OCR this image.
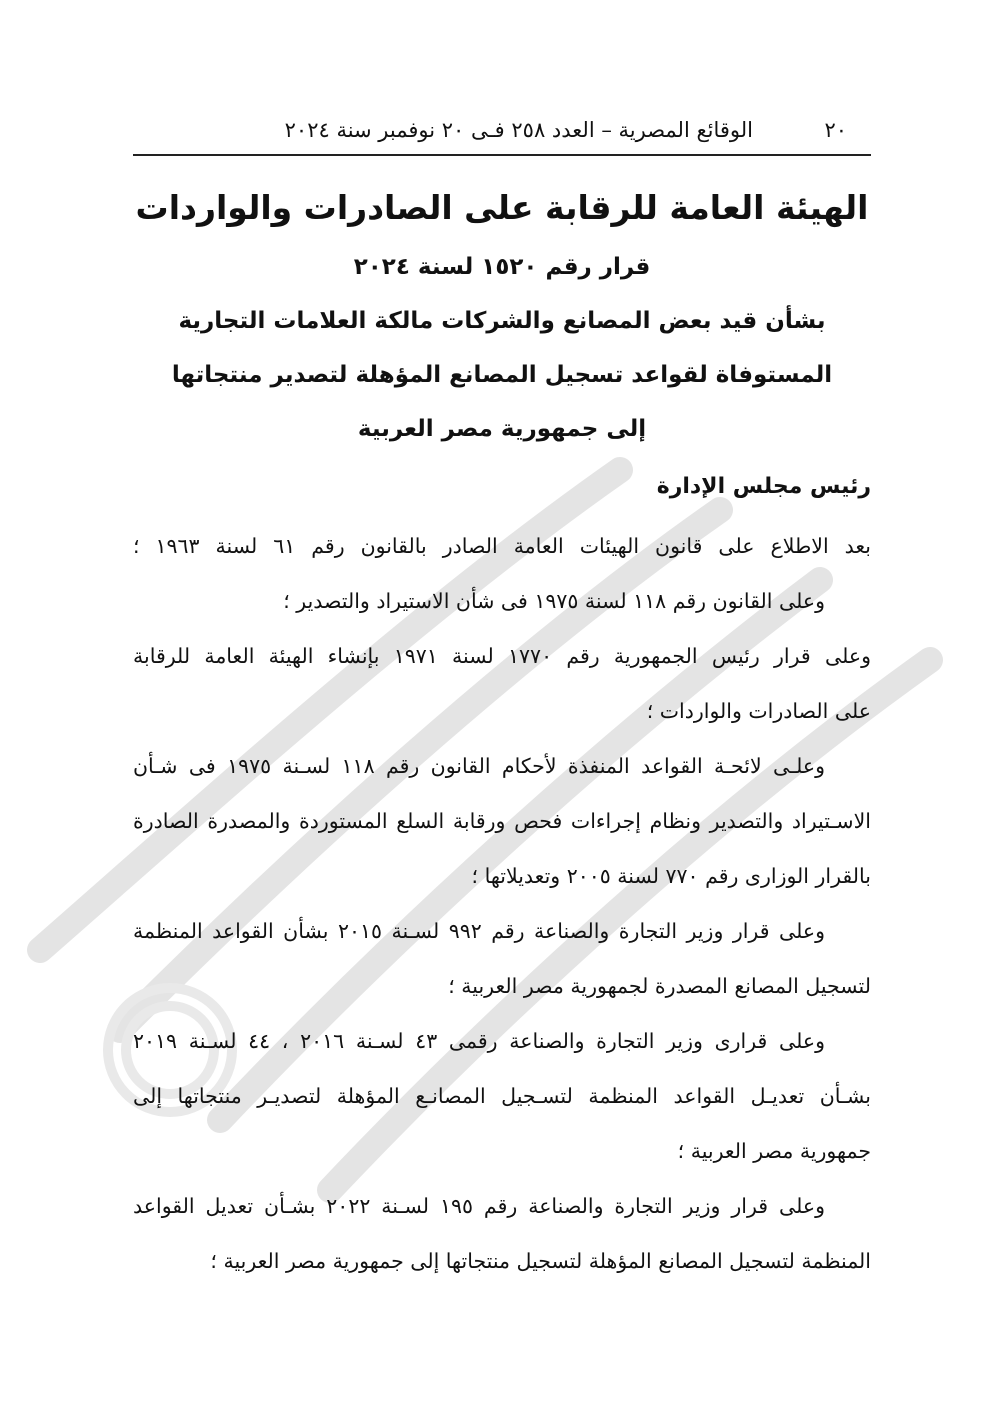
٢٠
الوقائع المصرية – العدد ٢٥٨ فـى ٢٠ نوفمبر سنة ٢٠٢٤
الهيئة العامة للرقابة على الصادرات والواردات
قرار رقم ١٥٢٠ لسنة ٢٠٢٤
بشأن قيد بعض المصانع والشركات مالكة العلامات التجارية
المستوفاة لقواعد تسجيل المصانع المؤهلة لتصدير منتجاتها
إلى جمهورية مصر العربية
رئيس مجلس الإدارة
بعد الاطلاع على قانون الهيئات العامة الصادر بالقانون رقم ٦١ لسنة ١٩٦٣ ؛
وعلى القانون رقم ١١٨ لسنة ١٩٧٥ فى شأن الاستيراد والتصدير ؛
وعلى قرار رئيس الجمهورية رقم ١٧٧٠ لسنة ١٩٧١ بإنشاء الهيئة العامة للرقابة
على الصادرات والواردات ؛
وعلـى لائحـة القواعد المنفذة لأحكام القانون رقم ١١٨ لسـنة ١٩٧٥ فى شـأن
الاسـتيراد والتصدير ونظام إجراءات فحص ورقابة السلع المستوردة والمصدرة الصادرة
بالقرار الوزارى رقم ٧٧٠ لسنة ٢٠٠٥ وتعديلاتها ؛
وعلى قرار وزير التجارة والصناعة رقم ٩٩٢ لسـنة ٢٠١٥ بشأن القواعد المنظمة
لتسجيل المصانع المصدرة لجمهورية مصر العربية ؛
وعلى قرارى وزير التجارة والصناعة رقمى ٤٣ لسـنة ٢٠١٦ ، ٤٤ لسـنة ٢٠١٩
بشـأن تعديـل القواعد المنظمة لتسـجيل المصانـع المؤهلة لتصديـر منتجاتها إلى
جمهورية مصر العربية ؛
وعلى قرار وزير التجارة والصناعة رقم ١٩٥ لسـنة ٢٠٢٢ بشـأن تعديل القواعد
المنظمة لتسجيل المصانع المؤهلة لتسجيل منتجاتها إلى جمهورية مصر العربية ؛
